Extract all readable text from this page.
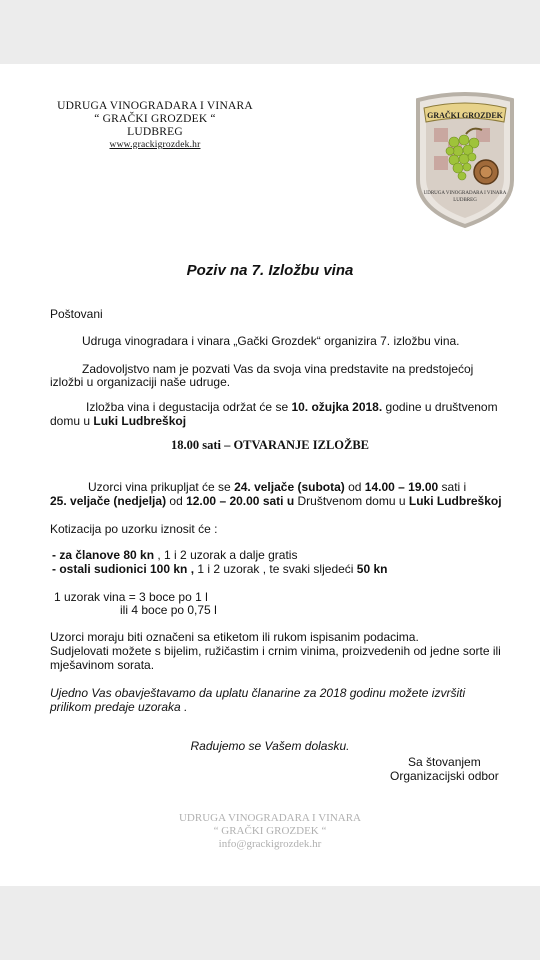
UDRUGA VINOGRADARA I VINARA
“ GRAČKI GROZDEK “
LUDBREG
www.grackigrozdek.hr
GRAČKI GROZDEK
UDRUGA VINOGRADARA I VINARA
LUDBREG
Poziv na 7. Izložbu vina
Poštovani
Udruga vinogradara i vinara „Gački Grozdek“ organizira 7. izložbu vina.
Zadovoljstvo nam je pozvati Vas da svoja vina predstavite na predstojećoj
izložbi u organizaciji naše udruge.
Izložba vina i degustacija održat će se 10. ožujka 2018. godine u društvenom
domu u Luki Ludbreškoj
18.00 sati – OTVARANJE IZLOŽBE
Uzorci vina prikupljat će se 24. veljače (subota) od 14.00 – 19.00 sati i
25. veljače (nedjelja) od 12.00 – 20.00 sati u Društvenom domu u Luki Ludbreškoj
Kotizacija po uzorku iznosit će :
- za članove 80 kn , 1 i 2 uzorak a dalje gratis
- ostali sudionici 100 kn , 1 i 2 uzorak , te svaki sljedeći 50 kn
1 uzorak vina = 3 boce po 1 l
ili 4 boce po 0,75 l
Uzorci moraju biti označeni sa etiketom ili rukom ispisanim podacima.
Sudjelovati možete s bijelim, ružičastim i crnim vinima, proizvedenih od jedne sorte ili
mješavinom sorata.
Ujedno Vas obavještavamo da uplatu članarine za 2018 godinu možete izvršiti
prilikom predaje uzoraka .
Radujemo se Vašem dolasku.
Sa štovanjem
Organizacijski odbor
UDRUGA VINOGRADARA I VINARA
“ GRAČKI GROZDEK “
info@grackigrozdek.hr
